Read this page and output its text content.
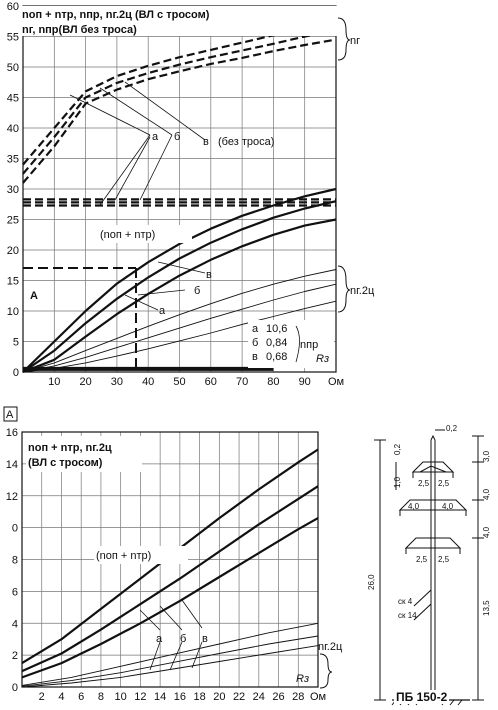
0
5
10
15
20
25
30
35
40
45
50
55
60
10 20 30 40 50 60 70 80 90 Ом
nоп + nтр, nпр, nг.2ц (ВЛ с тросом)
nг, nпр(ВЛ без троса)
а б в (без троса)
(nоп + nтр)
в
б
а
А
а 10,6
б 0,84
в 0,68
nпр
Rз
nг
nг.2ц
А
0
2
4
6
8
0
12
14
16
2 4 6 8 10 12 14 16 18 20 22 24 26 28 Ом
nоп + nтр, nг.2ц
(ВЛ с тросом)
(nоп + nтр)
а б в
nг.2ц
Rз
0,2
0,2
3,0
4,0
4,0
1,0
26,0
13,5
2,5 2,5
4,0	4,0
2,5 2,5
ск 4
ск 14
ПБ 150-2
